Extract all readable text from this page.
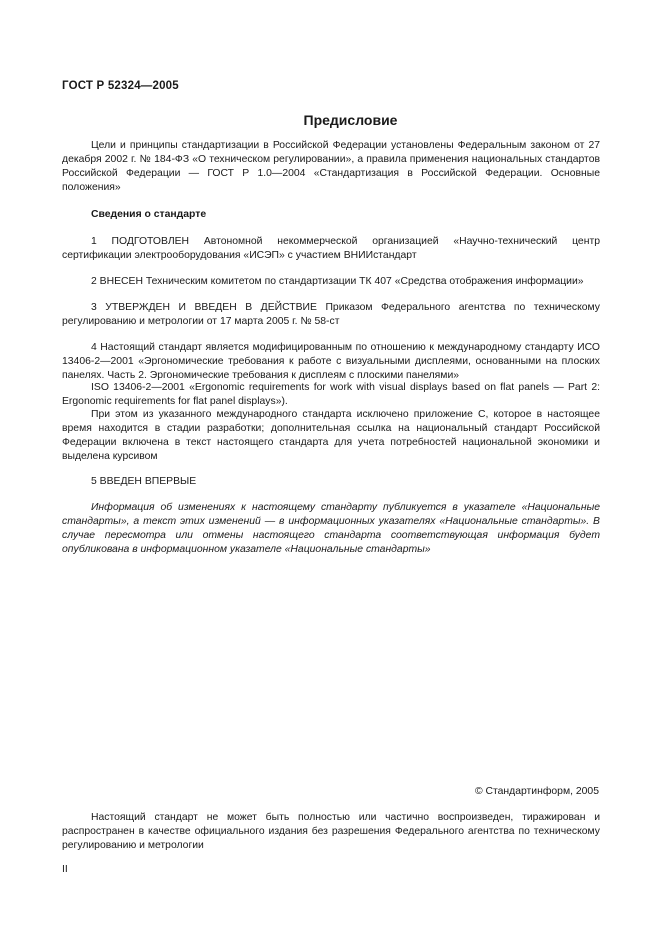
ГОСТ Р 52324—2005
Предисловие

Цели и принципы стандартизации в Российской Федерации установлены Федеральным законом от 27 декабря 2002 г. № 184-ФЗ «О техническом регулировании», а правила применения национальных стандартов Российской Федерации — ГОСТ Р 1.0—2004 «Стандартизация в Российской Федерации. Основные положения»

Сведения о стандарте

1 ПОДГОТОВЛЕН Автономной некоммерческой организацией «Научно-технический центр сертификации электрооборудования «ИСЭП» с участием ВНИИстандарт

2 ВНЕСЕН Техническим комитетом по стандартизации ТК 407 «Средства отображения информации»

3 УТВЕРЖДЕН И ВВЕДЕН В ДЕЙСТВИЕ Приказом Федерального агентства по техническому регулированию и метрологии от 17 марта 2005 г. № 58-ст

4 Настоящий стандарт является модифицированным по отношению к международному стандарту ИСО 13406-2—2001 «Эргономические требования к работе с визуальными дисплеями, основанными на плоских панелях. Часть 2. Эргономические требования к дисплеям с плоскими панелями»

ISO 13406-2—2001 «Ergonomic requirements for work with visual displays based on flat panels — Part 2: Ergonomic requirements for flat panel displays»).

При этом из указанного международного стандарта исключено приложение С, которое в настоящее время находится в стадии разработки; дополнительная ссылка на национальный стандарт Российской Федерации включена в текст настоящего стандарта для учета потребностей национальной экономики и выделена курсивом

5 ВВЕДЕН ВПЕРВЫЕ

Информация об изменениях к настоящему стандарту публикуется в указателе «Национальные стандарты», а текст этих изменений — в информационных указателях «Национальные стандарты». В случае пересмотра или отмены настоящего стандарта соответствующая информация будет опубликована в информационном указателе «Национальные стандарты»

© Стандартинформ, 2005

Настоящий стандарт не может быть полностью или частично воспроизведен, тиражирован и распространен в качестве официального издания без разрешения Федерального агентства по техническому регулированию и метрологии

II
